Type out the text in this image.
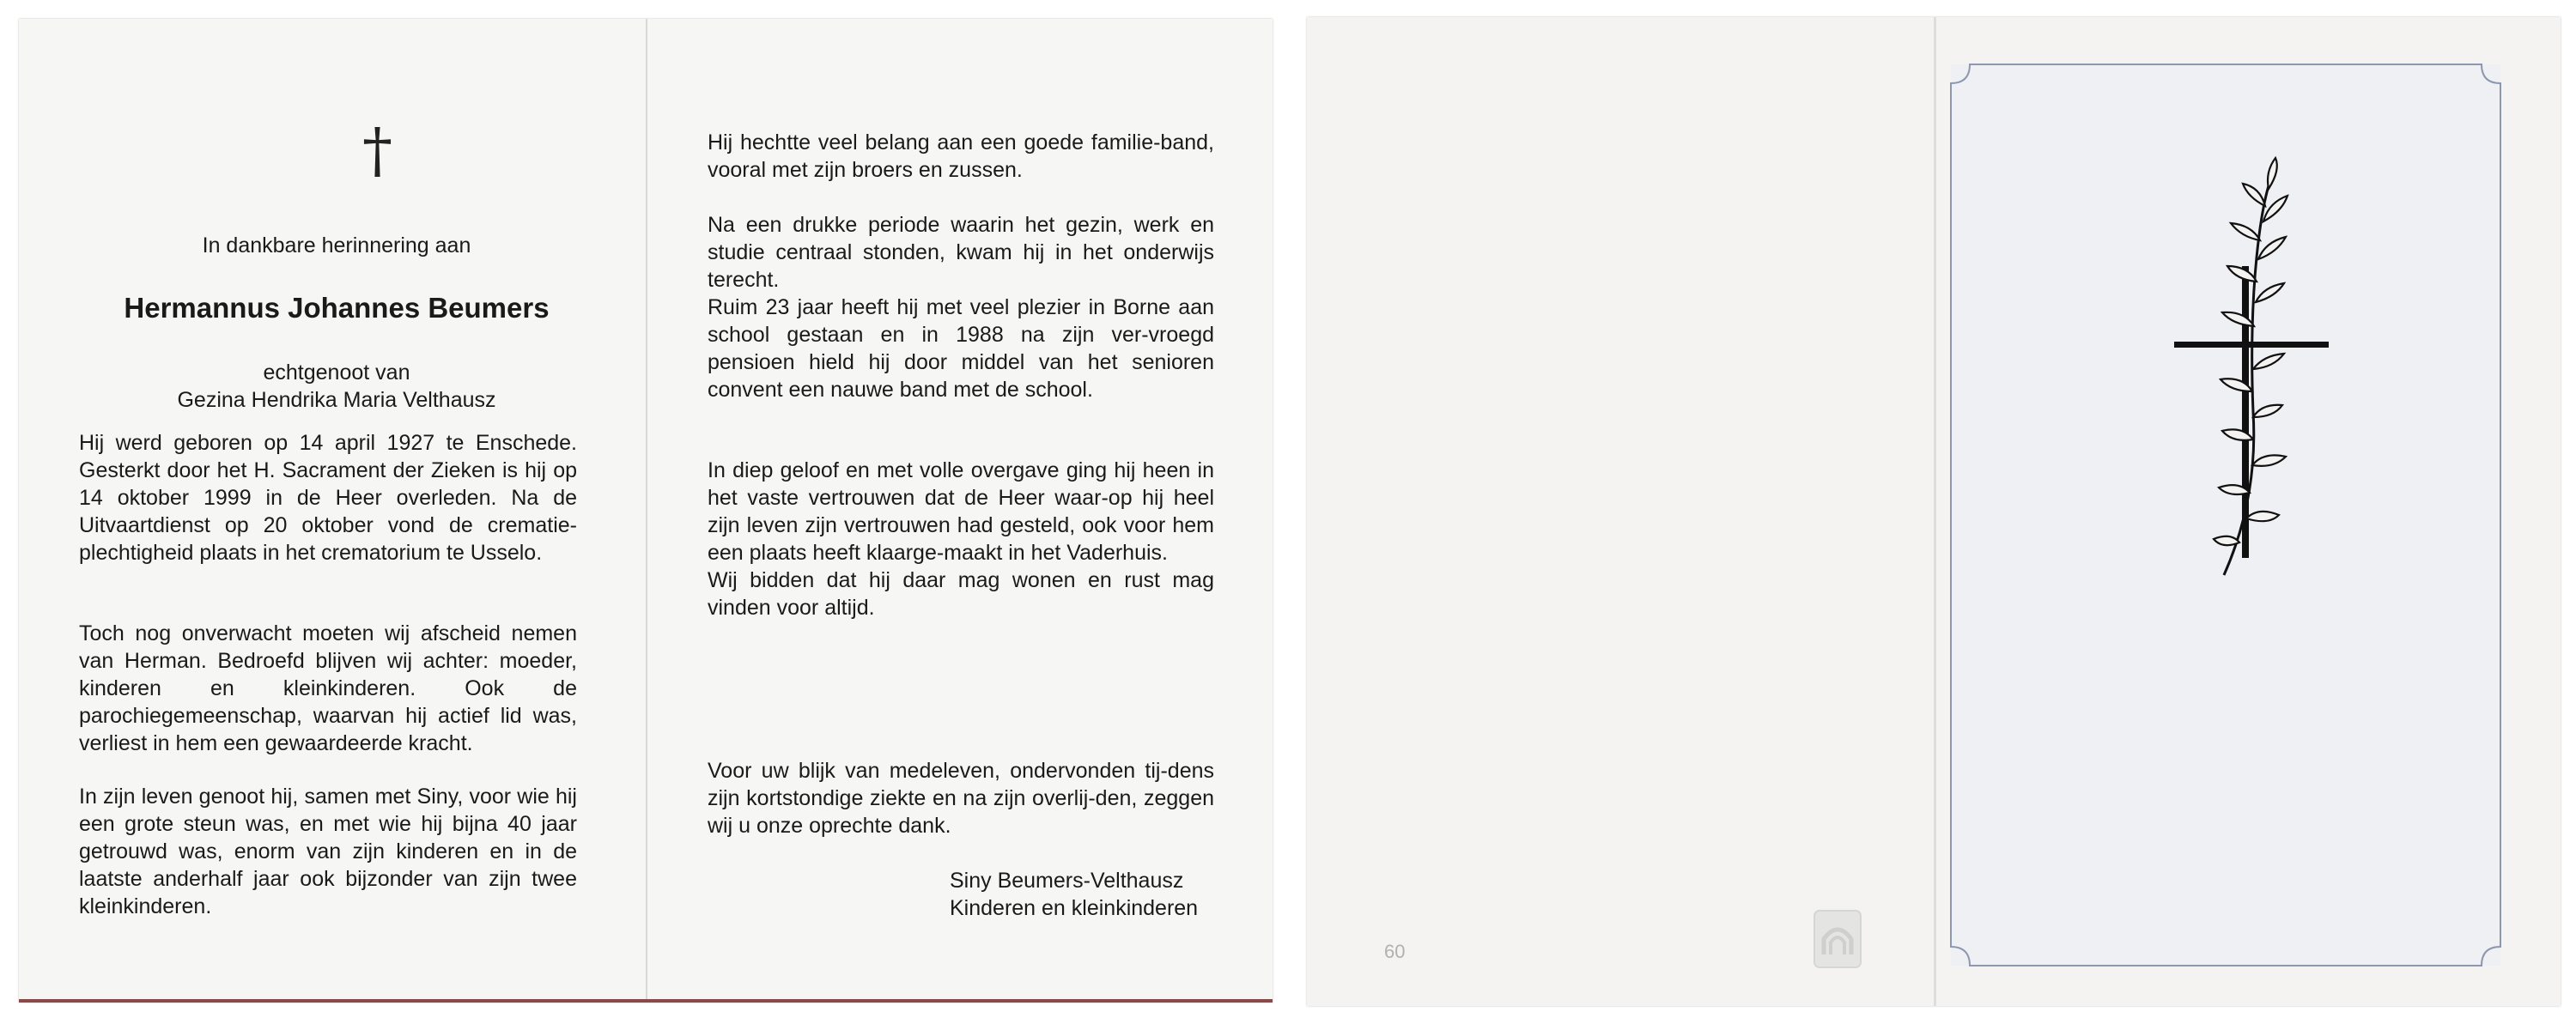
†

In dankbare herinnering aan

Hermannus Johannes Beumers
echtgenoot van
Gezina Hendrika Maria Velthausz

Hij werd geboren op 14 april 1927 te Enschede. Gesterkt door het H. Sacrament der Zieken is hij op 14 oktober 1999 in de Heer overleden. Na de Uitvaartdienst op 20 oktober vond de crematie-plechtigheid plaats in het crematorium te Usselo.

Toch nog onverwacht moeten wij afscheid nemen van Herman. Bedroefd blijven wij achter: moeder, kinderen en kleinkinderen. Ook de parochiegemeenschap, waarvan hij actief lid was, verliest in hem een gewaardeerde kracht.

In zijn leven genoot hij, samen met Siny, voor wie hij een grote steun was, en met wie hij bijna 40 jaar getrouwd was, enorm van zijn kinderen en in de laatste anderhalf jaar ook bijzonder van zijn twee kleinkinderen.

Hij hechtte veel belang aan een goede familie-band, vooral met zijn broers en zussen.

Na een drukke periode waarin het gezin, werk en studie centraal stonden, kwam hij in het onderwijs terecht.
Ruim 23 jaar heeft hij met veel plezier in Borne aan school gestaan en in 1988 na zijn ver-vroegd pensioen hield hij door middel van het senioren convent een nauwe band met de school.

In diep geloof en met volle overgave ging hij heen in het vaste vertrouwen dat de Heer waar-op hij heel zijn leven zijn vertrouwen had gesteld, ook voor hem een plaats heeft klaarge-maakt in het Vaderhuis.
Wij bidden dat hij daar mag wonen en rust mag vinden voor altijd.

Voor uw blijk van medeleven, ondervonden tij-dens zijn kortstondige ziekte en na zijn overlij-den, zeggen wij u onze oprechte dank.

Siny Beumers-Velthausz
Kinderen en kleinkinderen
60
